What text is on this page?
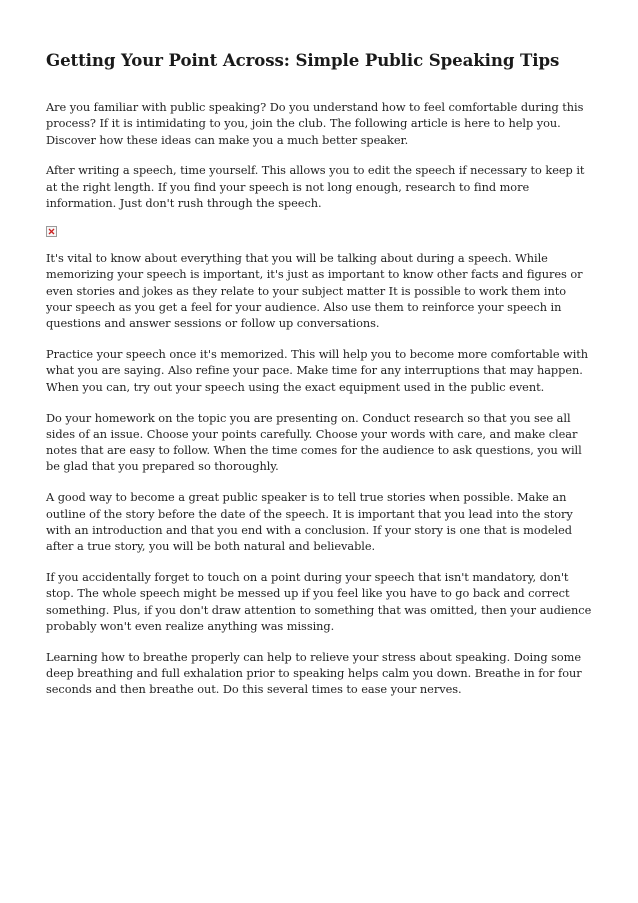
Getting Your Point Across: Simple Public Speaking Tips

Are you familiar with public speaking? Do you understand how to feel comfortable during this process? If it is intimidating to you, join the club. The following article is here to help you. Discover how these ideas can make you a much better speaker.

After writing a speech, time yourself. This allows you to edit the speech if necessary to keep it at the right length. If you find your speech is not long enough, research to find more information. Just don't rush through the speech.

It's vital to know about everything that you will be talking about during a speech. While memorizing your speech is important, it's just as important to know other facts and figures or even stories and jokes as they relate to your subject matter It is possible to work them into your speech as you get a feel for your audience. Also use them to reinforce your speech in questions and answer sessions or follow up conversations.

Practice your speech once it's memorized. This will help you to become more comfortable with what you are saying. Also refine your pace. Make time for any interruptions that may happen. When you can, try out your speech using the exact equipment used in the public event.

Do your homework on the topic you are presenting on. Conduct research so that you see all sides of an issue. Choose your points carefully. Choose your words with care, and make clear notes that are easy to follow. When the time comes for the audience to ask questions, you will be glad that you prepared so thoroughly.

A good way to become a great public speaker is to tell true stories when possible. Make an outline of the story before the date of the speech. It is important that you lead into the story with an introduction and that you end with a conclusion. If your story is one that is modeled after a true story, you will be both natural and believable.

If you accidentally forget to touch on a point during your speech that isn't mandatory, don't stop. The whole speech might be messed up if you feel like you have to go back and correct something. Plus, if you don't draw attention to something that was omitted, then your audience probably won't even realize anything was missing.

Learning how to breathe properly can help to relieve your stress about speaking. Doing some deep breathing and full exhalation prior to speaking helps calm you down. Breathe in for four seconds and then breathe out. Do this several times to ease your nerves.
